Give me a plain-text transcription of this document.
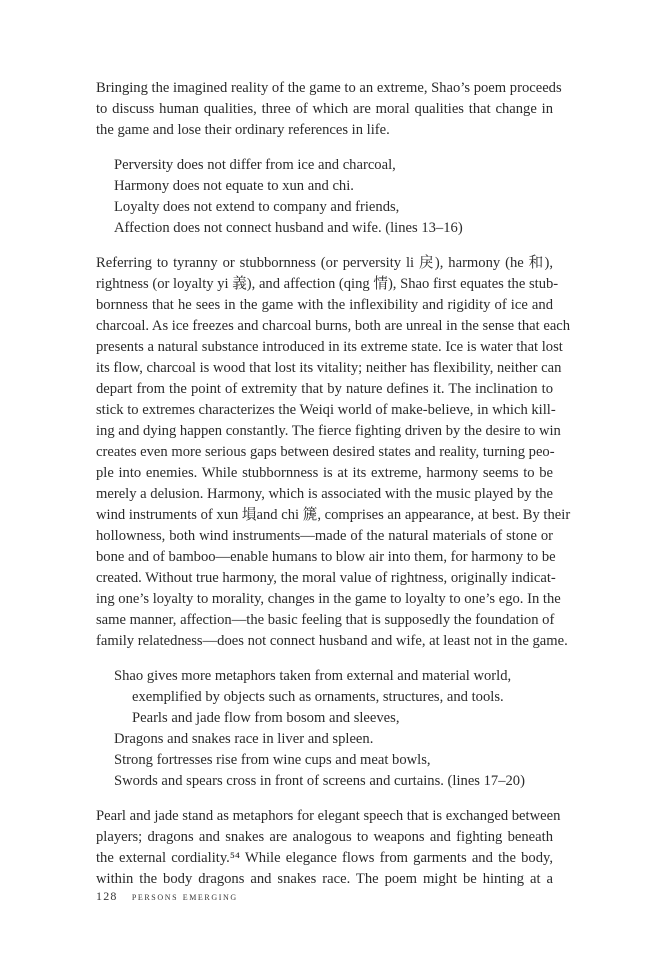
Bringing the imagined reality of the game to an extreme, Shao’s poem proceeds
to discuss human qualities, three of which are moral qualities that change in
the game and lose their ordinary references in life.
Perversity does not differ from ice and charcoal,
Harmony does not equate to xun and chi.
Loyalty does not extend to company and friends,
Affection does not connect husband and wife. (lines 13–16)
Referring to tyranny or stubbornness (or perversity li 戾), harmony (he 和),
rightness (or loyalty yi 義), and affection (qing 情), Shao first equates the stub-
bornness that he sees in the game with the inflexibility and rigidity of ice and
charcoal. As ice freezes and charcoal burns, both are unreal in the sense that each
presents a natural substance introduced in its extreme state. Ice is water that lost
its flow, charcoal is wood that lost its vitality; neither has flexibility, neither can
depart from the point of extremity that by nature defines it. The inclination to
stick to extremes characterizes the Weiqi world of make-believe, in which kill-
ing and dying happen constantly. The fierce fighting driven by the desire to win
creates even more serious gaps between desired states and reality, turning peo-
ple into enemies. While stubbornness is at its extreme, harmony seems to be
merely a delusion. Harmony, which is associated with the music played by the
wind instruments of xun 塤and chi 篪, comprises an appearance, at best. By their
hollowness, both wind instruments—made of the natural materials of stone or
bone and of bamboo—enable humans to blow air into them, for harmony to be
created. Without true harmony, the moral value of rightness, originally indicat-
ing one’s loyalty to morality, changes in the game to loyalty to one’s ego. In the
same manner, affection—the basic feeling that is supposedly the foundation of
family relatedness—does not connect husband and wife, at least not in the game.
Shao gives more metaphors taken from external and material world,
exemplified by objects such as ornaments, structures, and tools.
Pearls and jade flow from bosom and sleeves,
Dragons and snakes race in liver and spleen.
Strong fortresses rise from wine cups and meat bowls,
Swords and spears cross in front of screens and curtains. (lines 17–20)
Pearl and jade stand as metaphors for elegant speech that is exchanged between
players; dragons and snakes are analogous to weapons and fighting beneath
the external cordiality.⁵⁴ While elegance flows from garments and the body,
within the body dragons and snakes race. The poem might be hinting at a
128 persons emerging
